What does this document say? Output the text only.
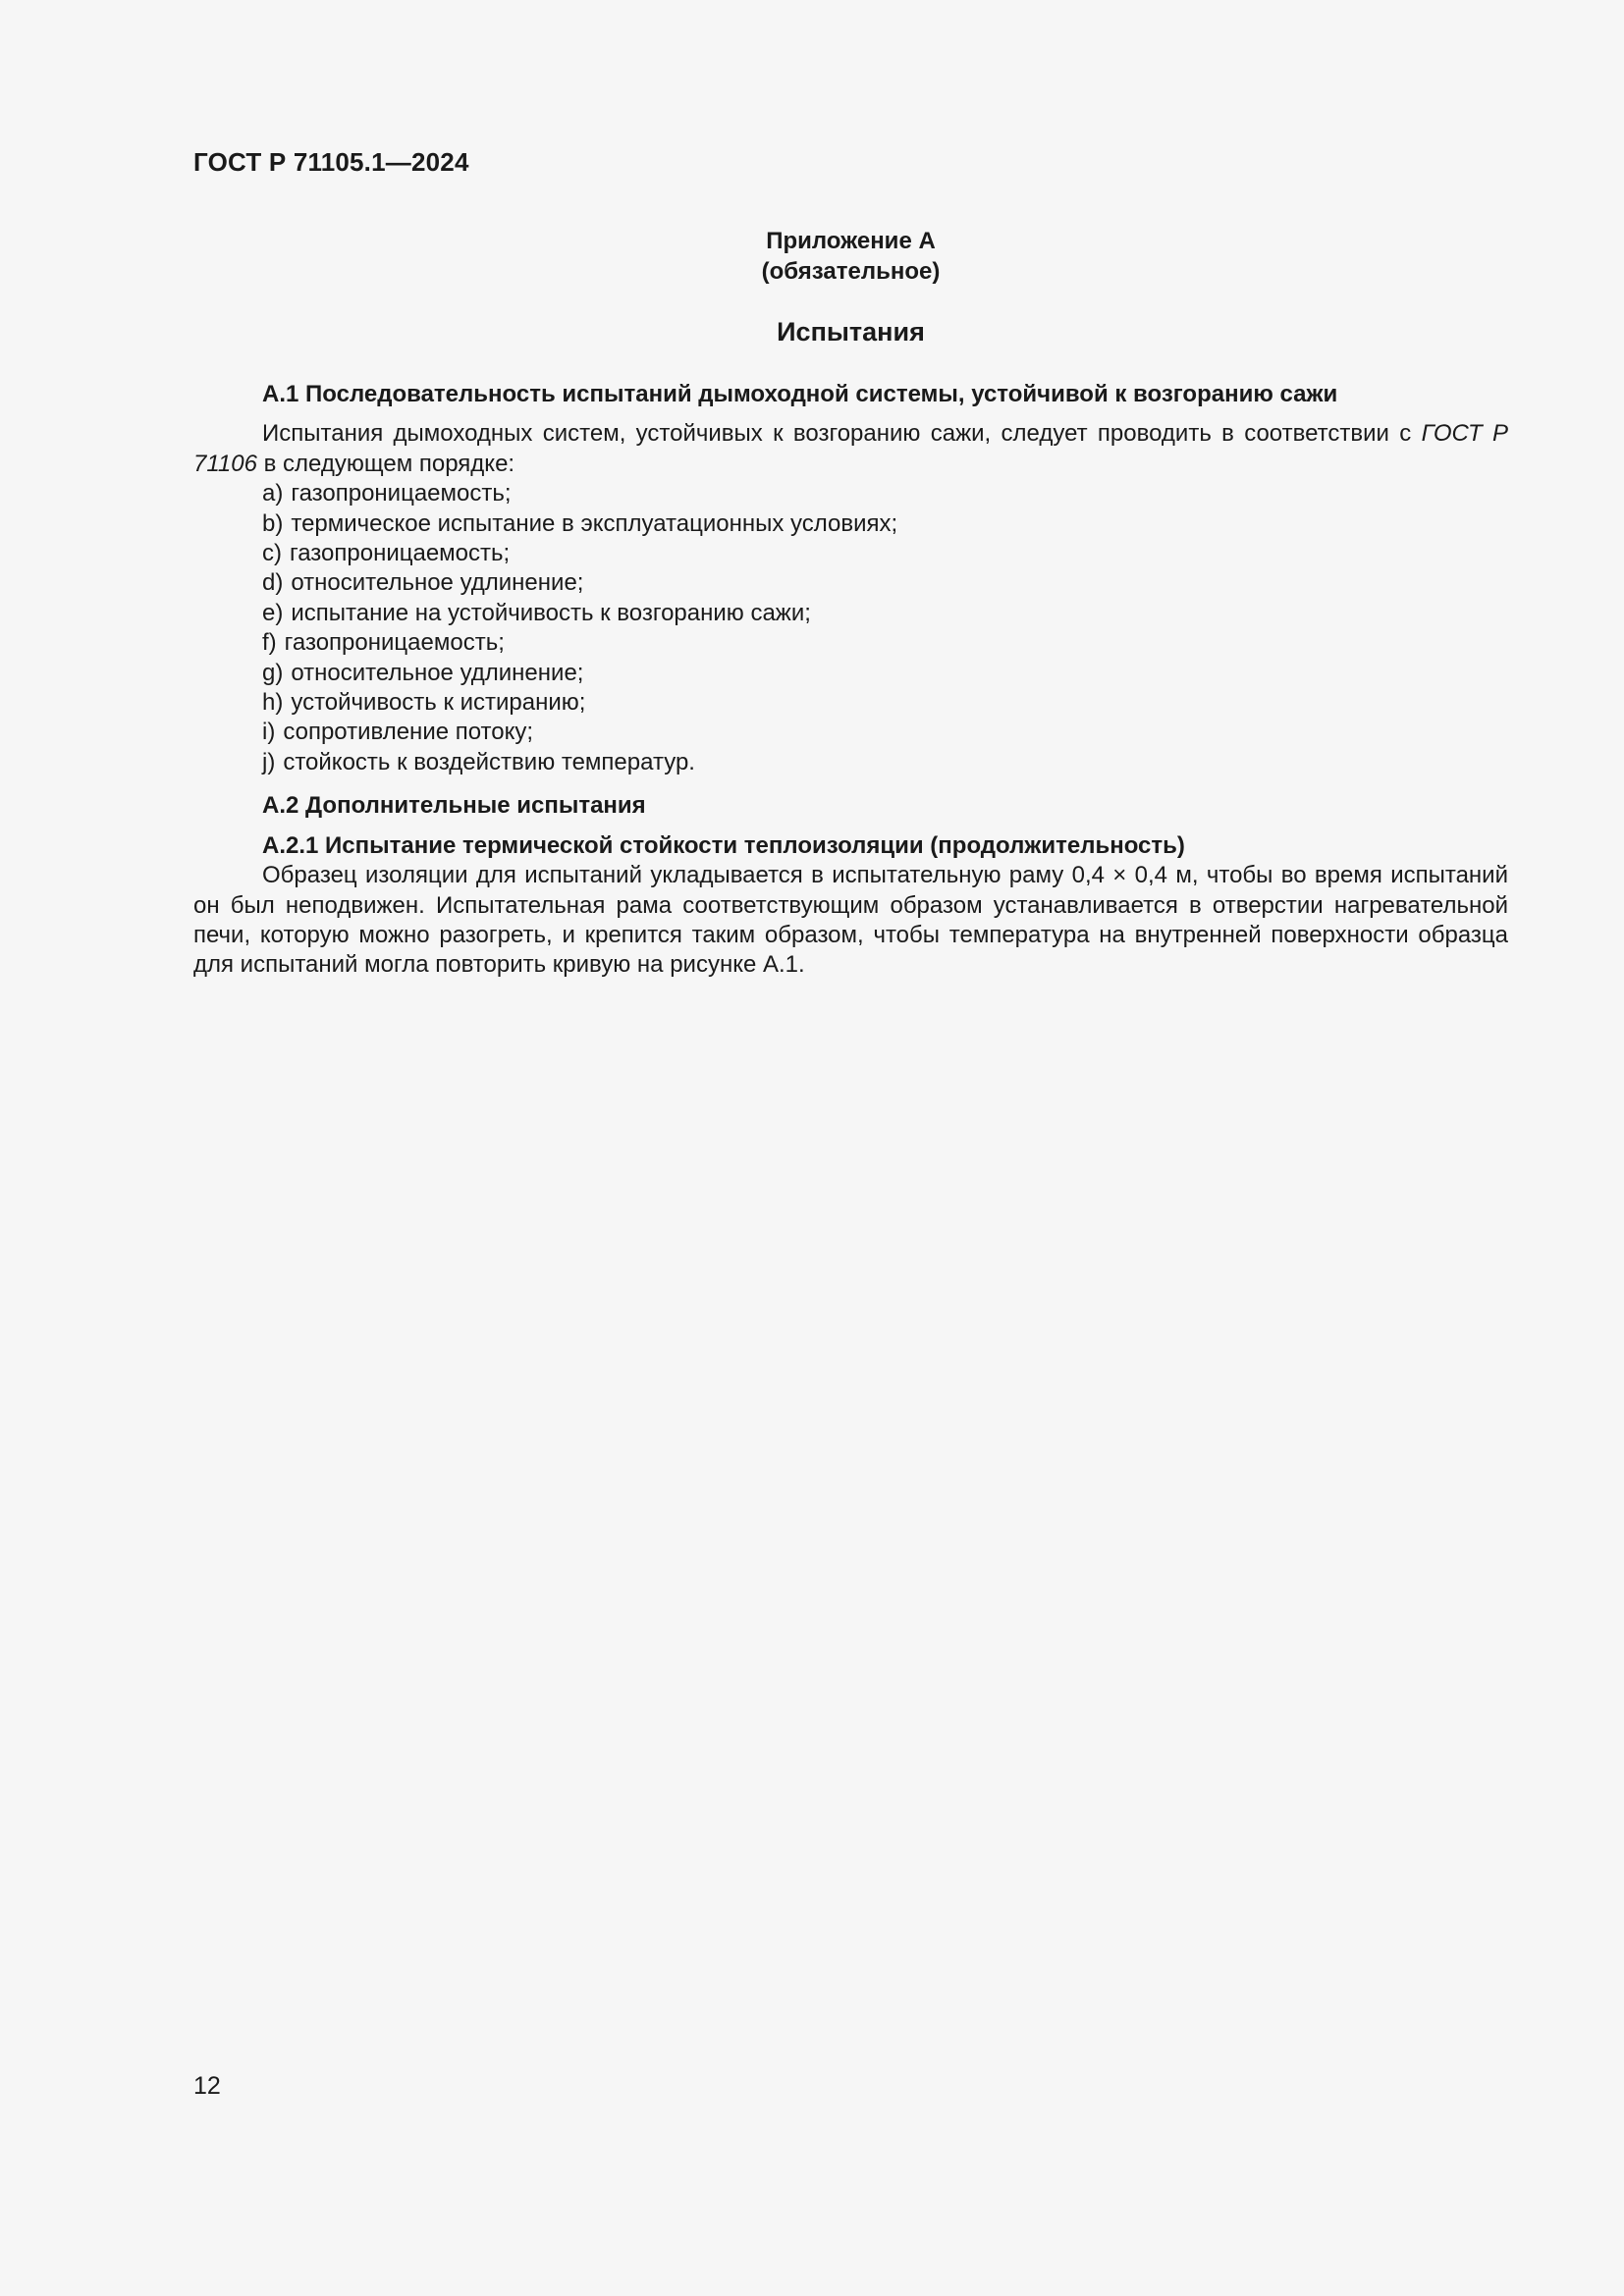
ГОСТ Р 71105.1—2024
Приложение А
(обязательное)
Испытания
А.1 Последовательность испытаний дымоходной системы, устойчивой к возгоранию сажи
Испытания дымоходных систем, устойчивых к возгоранию сажи, следует проводить в соответствии с ГОСТ Р 71106 в следующем порядке:
a) газопроницаемость;
b) термическое испытание в эксплуатационных условиях;
c) газопроницаемость;
d) относительное удлинение;
e) испытание на устойчивость к возгоранию сажи;
f) газопроницаемость;
g) относительное удлинение;
h) устойчивость к истиранию;
i) сопротивление потоку;
j) стойкость к воздействию температур.
А.2 Дополнительные испытания
А.2.1 Испытание термической стойкости теплоизоляции (продолжительность)
Образец изоляции для испытаний укладывается в испытательную раму 0,4 × 0,4 м, чтобы во время испытаний он был неподвижен. Испытательная рама соответствующим образом устанавливается в отверстии нагревательной печи, которую можно разогреть, и крепится таким образом, чтобы температура на внутренней поверхности образца для испытаний могла повторить кривую на рисунке А.1.
12
